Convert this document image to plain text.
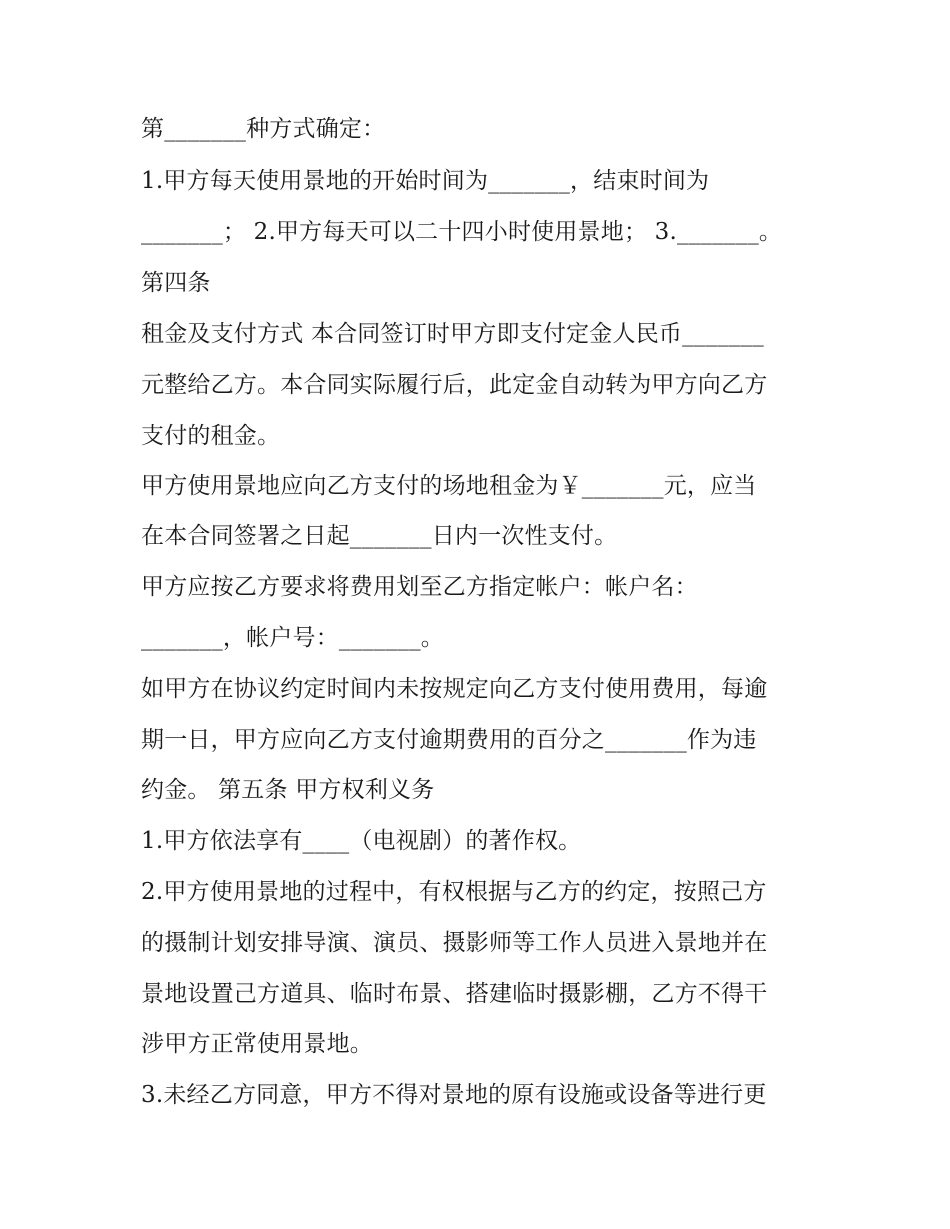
第_______种方式确定：
1.甲方每天使用景地的开始时间为_______，结束时间为
_______； 2.甲方每天可以二十四小时使用景地； 3._______。
第四条
租金及支付方式 本合同签订时甲方即支付定金人民币_______
元整给乙方。本合同实际履行后，此定金自动转为甲方向乙方
支付的租金。
甲方使用景地应向乙方支付的场地租金为￥_______元，应当
在本合同签署之日起_______日内一次性支付。
甲方应按乙方要求将费用划至乙方指定帐户：帐户名：
_______，帐户号：_______。
如甲方在协议约定时间内未按规定向乙方支付使用费用，每逾
期一日，甲方应向乙方支付逾期费用的百分之_______作为违
约金。 第五条 甲方权利义务
1.甲方依法享有____（电视剧）的著作权。
2.甲方使用景地的过程中，有权根据与乙方的约定，按照己方
的摄制计划安排导演、演员、摄影师等工作人员进入景地并在
景地设置己方道具、临时布景、搭建临时摄影棚，乙方不得干
涉甲方正常使用景地。
3.未经乙方同意，甲方不得对景地的原有设施或设备等进行更
